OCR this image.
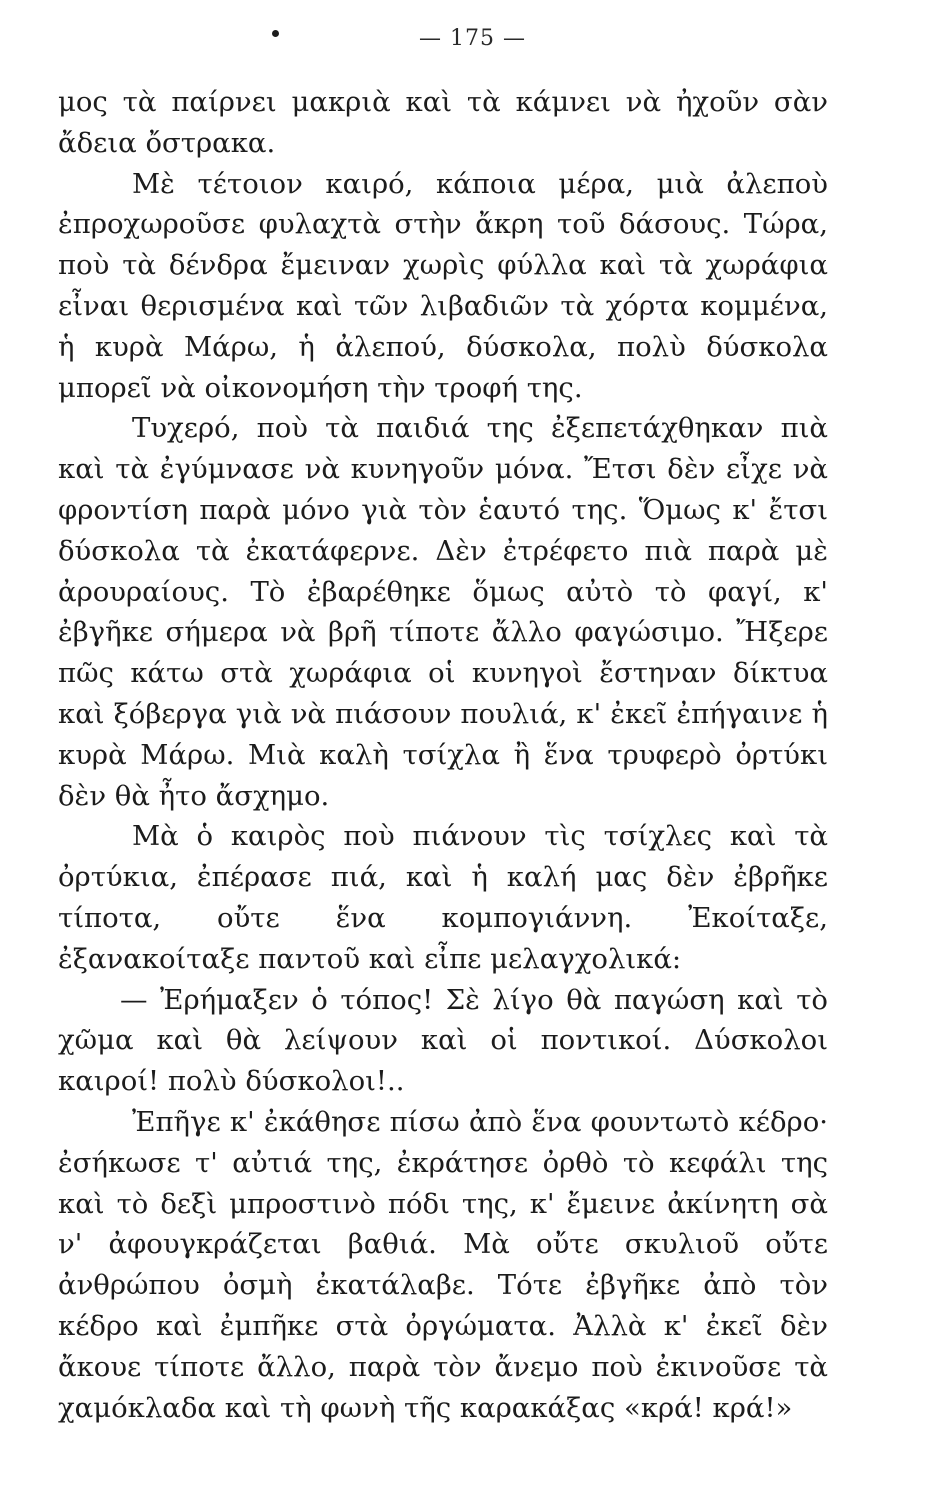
— 175 —

μος τὰ παίρνει μακριὰ καὶ τὰ κάμνει νὰ ἠχοῦν σὰν ἄδεια ὄστρακα.

Μὲ τέτοιον καιρό, κάποια μέρα, μιὰ ἀλεποὺ ἐπροχωροῦσε φυλαχτὰ στὴν ἄκρη τοῦ δάσους. Τώρα, ποὺ τὰ δένδρα ἔμειναν χωρὶς φύλλα καὶ τὰ χωράφια εἶναι θερισμένα καὶ τῶν λιβαδιῶν τὰ χόρτα κομμένα, ἡ κυρὰ Μάρω, ἡ ἀλεπού, δύσκολα, πολὺ δύσκολα μπορεῖ νὰ οἰκονομήση τὴν τροφή της.

Τυχερό, ποὺ τὰ παιδιά της ἐξεπετάχθηκαν πιὰ καὶ τὰ ἐγύμνασε νὰ κυνηγοῦν μόνα. Ἔτσι δὲν εἶχε νὰ φροντίση παρὰ μόνο γιὰ τὸν ἑαυτό της. Ὅμως κ' ἔτσι δύσκολα τὰ ἐκατάφερνε. Δὲν ἐτρέφετο πιὰ παρὰ μὲ ἀρουραίους. Τὸ ἐβαρέθηκε ὅμως αὐτὸ τὸ φαγί, κ' ἐβγῆκε σήμερα νὰ βρῆ τίποτε ἄλλο φαγώσιμο. Ἤξερε πῶς κάτω στὰ χωράφια οἱ κυνηγοὶ ἔστηναν δίκτυα καὶ ξόβεργα γιὰ νὰ πιάσουν πουλιά, κ' ἐκεῖ ἐπήγαινε ἡ κυρὰ Μάρω. Μιὰ καλὴ τσίχλα ἢ ἕνα τρυφερὸ ὀρτύκι δὲν θὰ ἦτο ἄσχημο.

Μὰ ὁ καιρὸς ποὺ πιάνουν τὶς τσίχλες καὶ τὰ ὀρτύκια, ἐπέρασε πιά, καὶ ἡ καλή μας δὲν ἐβρῆκε τίποτα, οὔτε ἕνα κομπογιάννη. Ἐκοίταξε, ἐξανακοίταξε παντοῦ καὶ εἶπε μελαγχολικά:

— Ἐρήμαξεν ὁ τόπος! Σὲ λίγο θὰ παγώση καὶ τὸ χῶμα καὶ θὰ λείψουν καὶ οἱ ποντικοί. Δύσκολοι καιροί! πολὺ δύσκολοι!..

Ἐπῆγε κ' ἐκάθησε πίσω ἀπὸ ἕνα φουντωτὸ κέδρο· ἐσήκωσε τ' αὐτιά της, ἐκράτησε ὀρθὸ τὸ κεφάλι της καὶ τὸ δεξὶ μπροστινὸ πόδι της, κ' ἔμεινε ἀκίνητη σὰ ν' ἀφουγκράζεται βαθιά. Μὰ οὔτε σκυλιοῦ οὔτε ἀνθρώπου ὀσμὴ ἐκατάλαβε. Τότε ἐβγῆκε ἀπὸ τὸν κέδρο καὶ ἐμπῆκε στὰ ὀργώματα. Ἀλλὰ κ' ἐκεῖ δὲν ἄκουε τίποτε ἄλλο, παρὰ τὸν ἄνεμο ποὺ ἐκινοῦσε τὰ χαμόκλαδα καὶ τὴ φωνὴ τῆς καρακάξας «κρά! κρά!»
